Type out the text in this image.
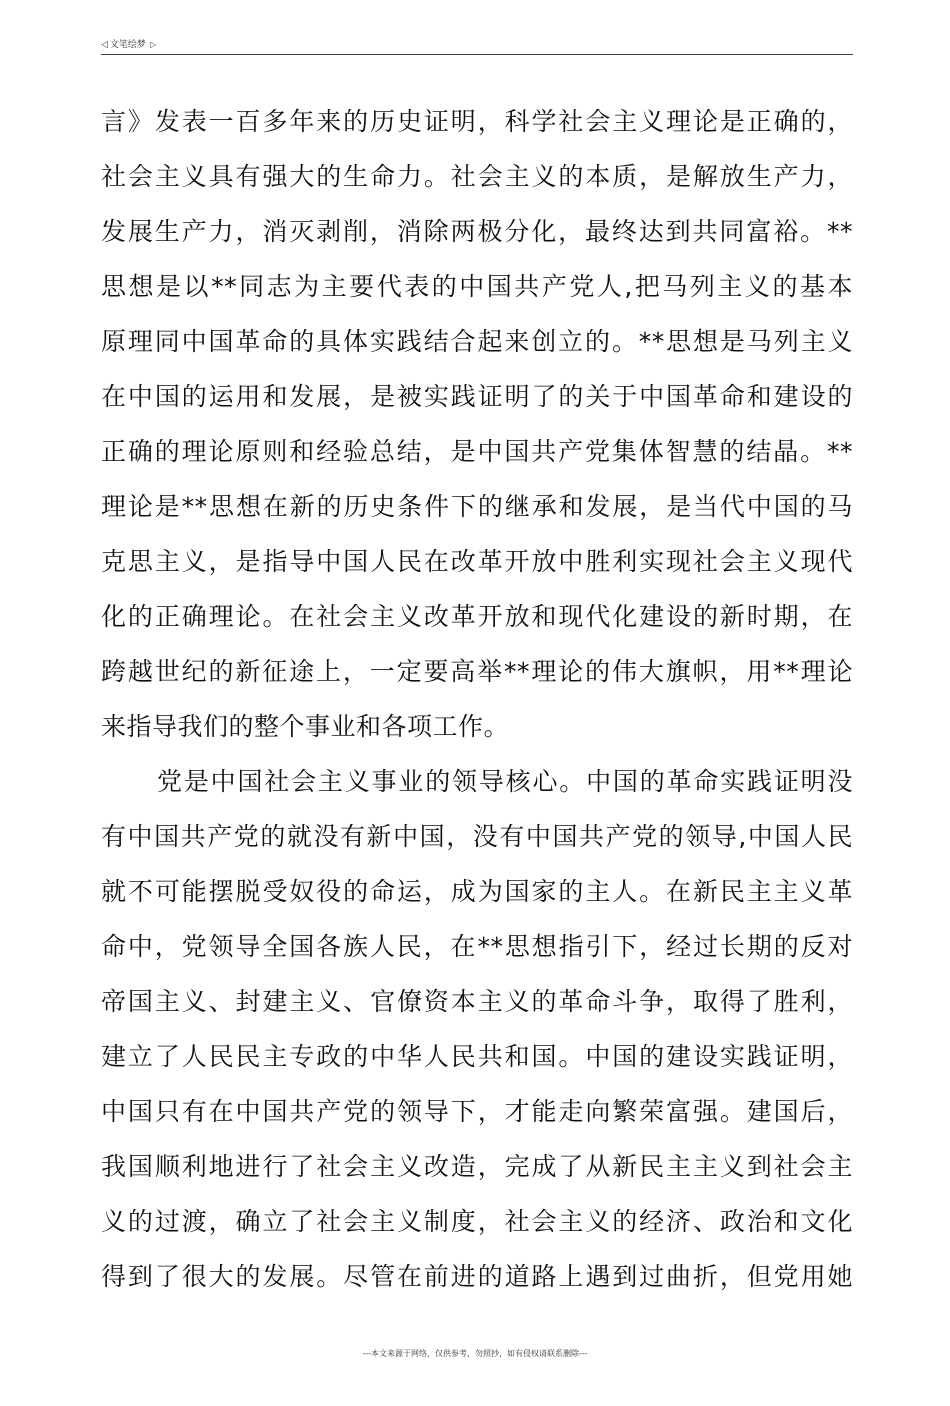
◁ 文笔绘梦 ▷
言》发表一百多年来的历史证明，科学社会主义理论是正确的，
社会主义具有强大的生命力。社会主义的本质，是解放生产力，
发展生产力，消灭剥削，消除两极分化，最终达到共同富裕。**
思想是以**同志为主要代表的中国共产党人,把马列主义的基本
原理同中国革命的具体实践结合起来创立的。**思想是马列主义
在中国的运用和发展，是被实践证明了的关于中国革命和建设的
正确的理论原则和经验总结，是中国共产党集体智慧的结晶。**
理论是**思想在新的历史条件下的继承和发展，是当代中国的马
克思主义，是指导中国人民在改革开放中胜利实现社会主义现代
化的正确理论。在社会主义改革开放和现代化建设的新时期，在
跨越世纪的新征途上，一定要高举**理论的伟大旗帜，用**理论
来指导我们的整个事业和各项工作。
党是中国社会主义事业的领导核心。中国的革命实践证明没
有中国共产党的就没有新中国，没有中国共产党的领导,中国人民
就不可能摆脱受奴役的命运，成为国家的主人。在新民主主义革
命中，党领导全国各族人民，在**思想指引下，经过长期的反对
帝国主义、封建主义、官僚资本主义的革命斗争，取得了胜利，
建立了人民民主专政的中华人民共和国。中国的建设实践证明，
中国只有在中国共产党的领导下，才能走向繁荣富强。建国后，
我国顺利地进行了社会主义改造，完成了从新民主主义到社会主
义的过渡，确立了社会主义制度，社会主义的经济、政治和文化
得到了很大的发展。尽管在前进的道路上遇到过曲折，但党用她
---本文来源于网络，仅供参考，勿照抄，如有侵权请联系删除---
